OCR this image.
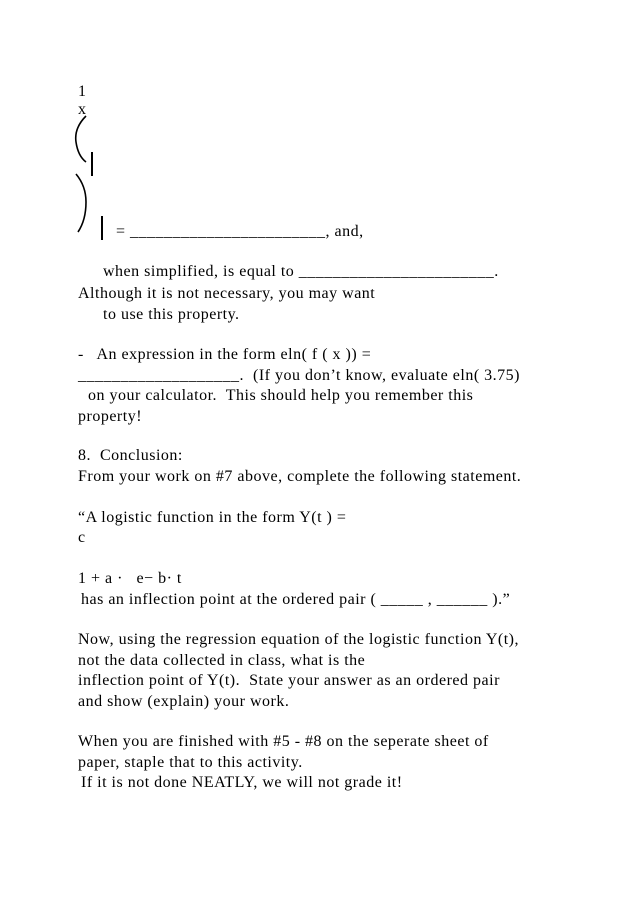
1
x
= _______________________, and,
when simplified, is equal to _______________________.
Although it is not necessary, you may want
to use this property.
-   An expression in the form eln( f ( x )) =
___________________.  (If you don’t know, evaluate eln( 3.75)
on your calculator.  This should help you remember this
property!
8.  Conclusion:
From your work on #7 above, complete the following statement.
“A logistic function in the form Y(t ) =
c
1 + a ·   e− b· t
has an inflection point at the ordered pair ( _____ , ______ ).”
Now, using the regression equation of the logistic function Y(t),
not the data collected in class, what is the
inflection point of Y(t).  State your answer as an ordered pair
and show (explain) your work.
When you are finished with #5 - #8 on the seperate sheet of
paper, staple that to this activity.
If it is not done NEATLY, we will not grade it!
